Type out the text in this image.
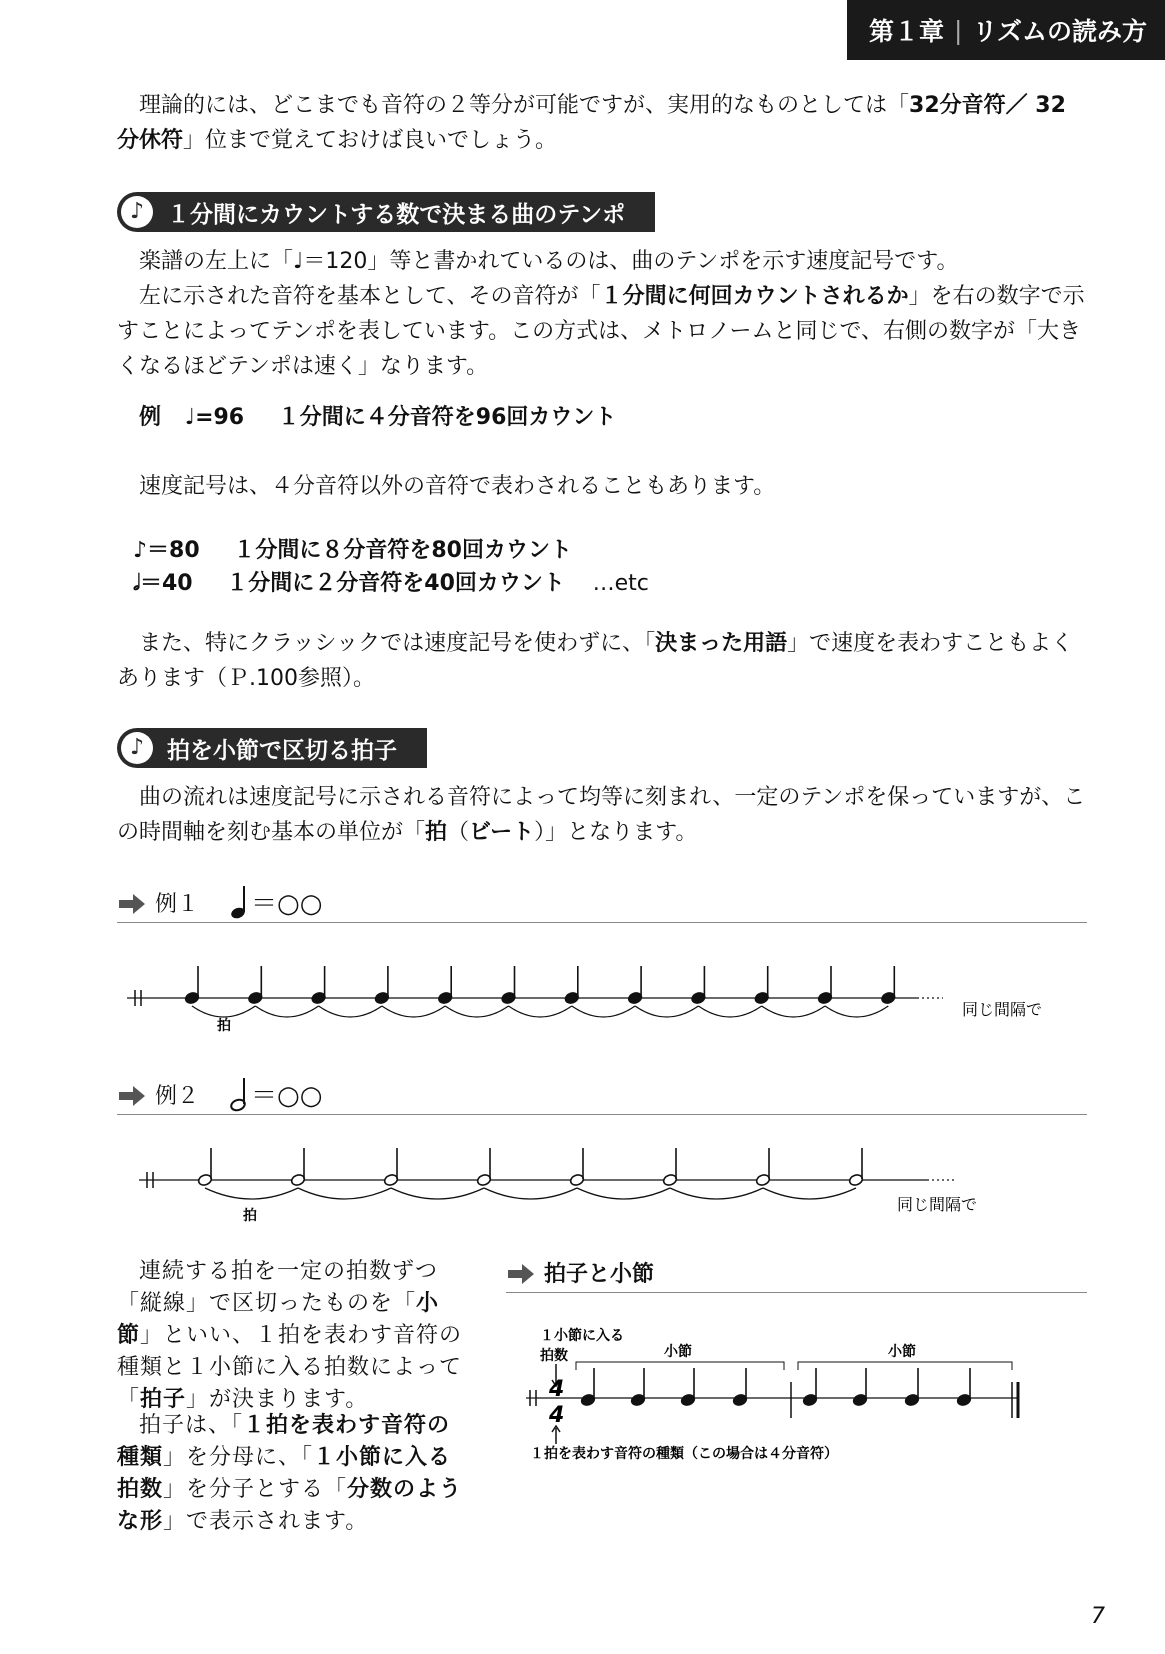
第１章 | リズムの読み方

理論的には、どこまでも音符の２等分が可能ですが、実用的なものとしては「32分音符／ 32分休符」位まで覚えておけば良いでしょう。

♪ １分間にカウントする数で決まる曲のテンポ

楽譜の左上に「♩＝120」等と書かれているのは、曲のテンポを示す速度記号です。

左に示された音符を基本として、その音符が「１分間に何回カウントされるか」を右の数字で示すことによってテンポを表しています。この方式は、メトロノームと同じで、右側の数字が「大きくなるほどテンポは速く」なります。

例 ♩=96 １分間に４分音符を96回カウント

速度記号は、４分音符以外の音符で表わされることもあります。

♪＝80 １分間に８分音符を80回カウント
𝅗𝅥＝40 １分間に２分音符を40回カウント …etc

また、特にクラッシックでは速度記号を使わずに、「決まった用語」で速度を表わすこともよくあります（Ｐ.100参照）。

♪ 拍を小節で区切る拍子

曲の流れは速度記号に示される音符によって均等に刻まれ、一定のテンポを保っていますが、この時間軸を刻む基本の単位が「拍（ビート）」となります。

例１ ＝○○
拍
同じ間隔で
例２ ＝○○
拍
同じ間隔で

連続する拍を一定の拍数ずつ「縦線」で区切ったものを「小節」といい、１拍を表わす音符の種類と１小節に入る拍数によって「拍子」が決まります。

拍子は、「１拍を表わす音符の種類」を分母に、「１小節に入る拍数」を分子とする「分数のような形」で表示されます。

拍子と小節
１小節に入る
拍数	小節	小節
4
4
１拍を表わす音符の種類（この場合は４分音符）
7
